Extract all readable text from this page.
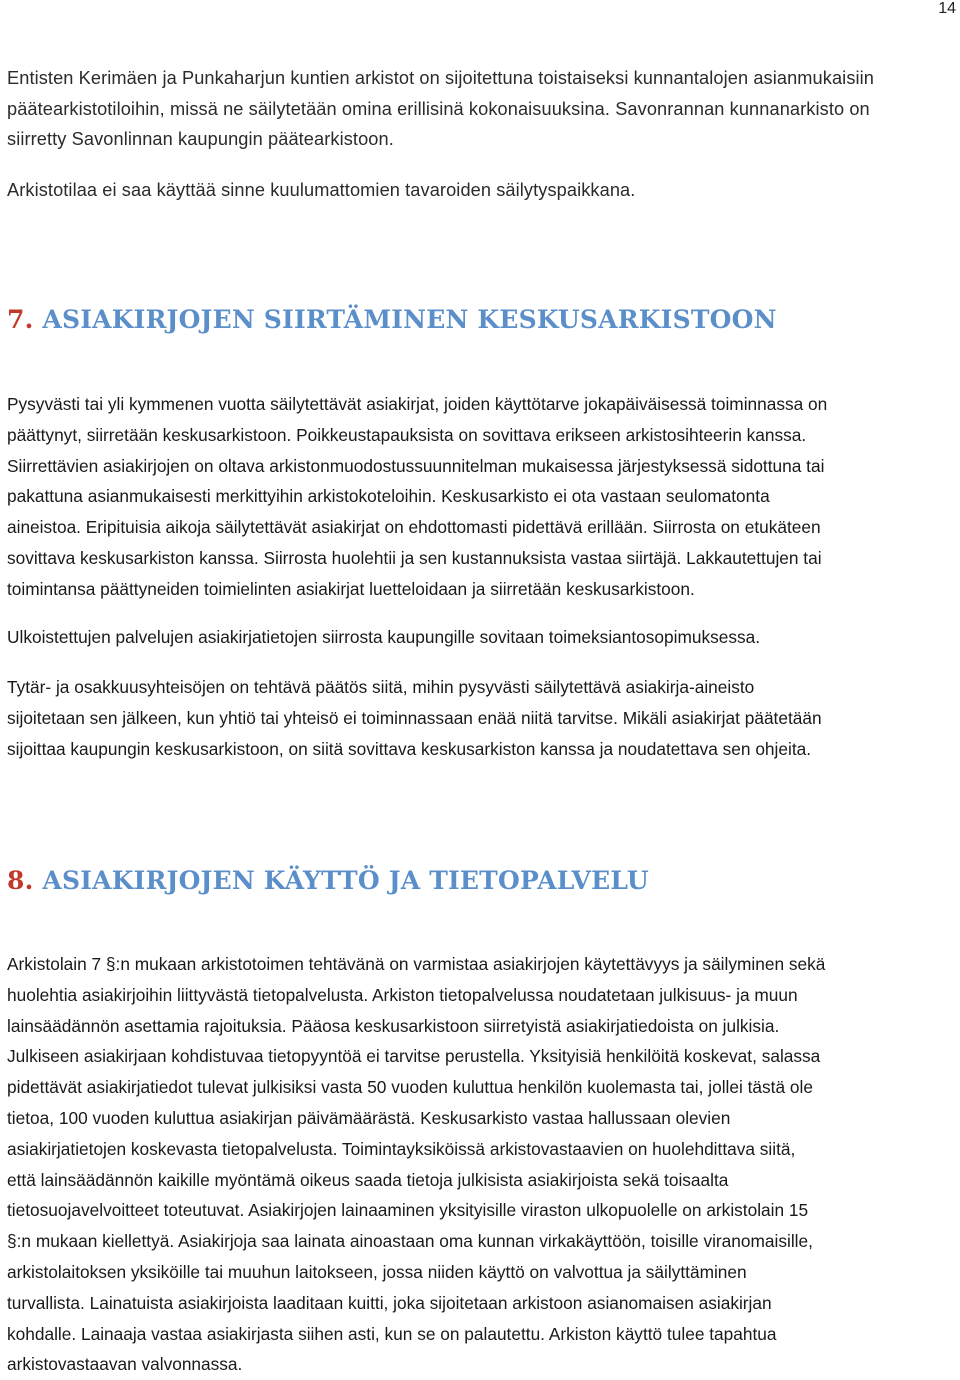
14
Entisten Kerimäen ja Punkaharjun kuntien arkistot on sijoitettuna toistaiseksi kunnantalojen asianmukaisiin
päätearkistotiloihin, missä ne säilytetään omina erillisinä kokonaisuuksina. Savonrannan kunnanarkisto on
siirretty Savonlinnan kaupungin päätearkistoon.
Arkistotilaa ei saa käyttää sinne kuulumattomien tavaroiden säilytyspaikkana.
7. ASIAKIRJOJEN SIIRTÄMINEN KESKUSARKISTOON
Pysyvästi tai yli kymmenen vuotta säilytettävät asiakirjat, joiden käyttötarve jokapäiväisessä toiminnassa on
päättynyt, siirretään keskusarkistoon. Poikkeustapauksista on sovittava erikseen arkistosihteerin kanssa.
Siirrettävien asiakirjojen on oltava arkistonmuodostussuunnitelman mukaisessa järjestyksessä sidottuna tai
pakattuna asianmukaisesti merkittyihin arkistokoteloihin. Keskusarkisto ei ota vastaan seulomatonta
aineistoa. Eripituisia aikoja säilytettävät asiakirjat on ehdottomasti pidettävä erillään. Siirrosta on etukäteen
sovittava keskusarkiston kanssa. Siirrosta huolehtii ja sen kustannuksista vastaa siirtäjä. Lakkautettujen tai
toimintansa päättyneiden toimielinten asiakirjat luetteloidaan ja siirretään keskusarkistoon.
Ulkoistettujen palvelujen asiakirjatietojen siirrosta kaupungille sovitaan toimeksiantosopimuksessa.
Tytär- ja osakkuusyhteisöjen on tehtävä päätös siitä, mihin pysyvästi säilytettävä asiakirja-aineisto
sijoitetaan sen jälkeen, kun yhtiö tai yhteisö ei toiminnassaan enää niitä tarvitse. Mikäli asiakirjat päätetään
sijoittaa kaupungin keskusarkistoon, on siitä sovittava keskusarkiston kanssa ja noudatettava sen ohjeita.
8. ASIAKIRJOJEN KÄYTTÖ JA TIETOPALVELU
Arkistolain 7 §:n mukaan arkistotoimen tehtävänä on varmistaa asiakirjojen käytettävyys ja säilyminen sekä
huolehtia asiakirjoihin liittyvästä tietopalvelusta. Arkiston tietopalvelussa noudatetaan julkisuus- ja muun
lainsäädännön asettamia rajoituksia. Pääosa keskusarkistoon siirretyistä asiakirjatiedoista on julkisia.
Julkiseen asiakirjaan kohdistuvaa tietopyyntöä ei tarvitse perustella. Yksityisiä henkilöitä koskevat, salassa
pidettävät asiakirjatiedot tulevat julkisiksi vasta 50 vuoden kuluttua henkilön kuolemasta tai, jollei tästä ole
tietoa, 100 vuoden kuluttua asiakirjan päivämäärästä. Keskusarkisto vastaa hallussaan olevien
asiakirjatietojen koskevasta tietopalvelusta. Toimintayksiköissä arkistovastaavien on huolehdittava siitä,
että lainsäädännön kaikille myöntämä oikeus saada tietoja julkisista asiakirjoista sekä toisaalta
tietosuojavelvoitteet toteutuvat. Asiakirjojen lainaaminen yksityisille viraston ulkopuolelle on arkistolain 15
§:n mukaan kiellettyä. Asiakirjoja saa lainata ainoastaan oma kunnan virkakäyttöön, toisille viranomaisille,
arkistolaitoksen yksiköille tai muuhun laitokseen, jossa niiden käyttö on valvottua ja säilyttäminen
turvallista. Lainatuista asiakirjoista laaditaan kuitti, joka sijoitetaan arkistoon asianomaisen asiakirjan
kohdalle. Lainaaja vastaa asiakirjasta siihen asti, kun se on palautettu. Arkiston käyttö tulee tapahtua
arkistovastaavan valvonnassa.
